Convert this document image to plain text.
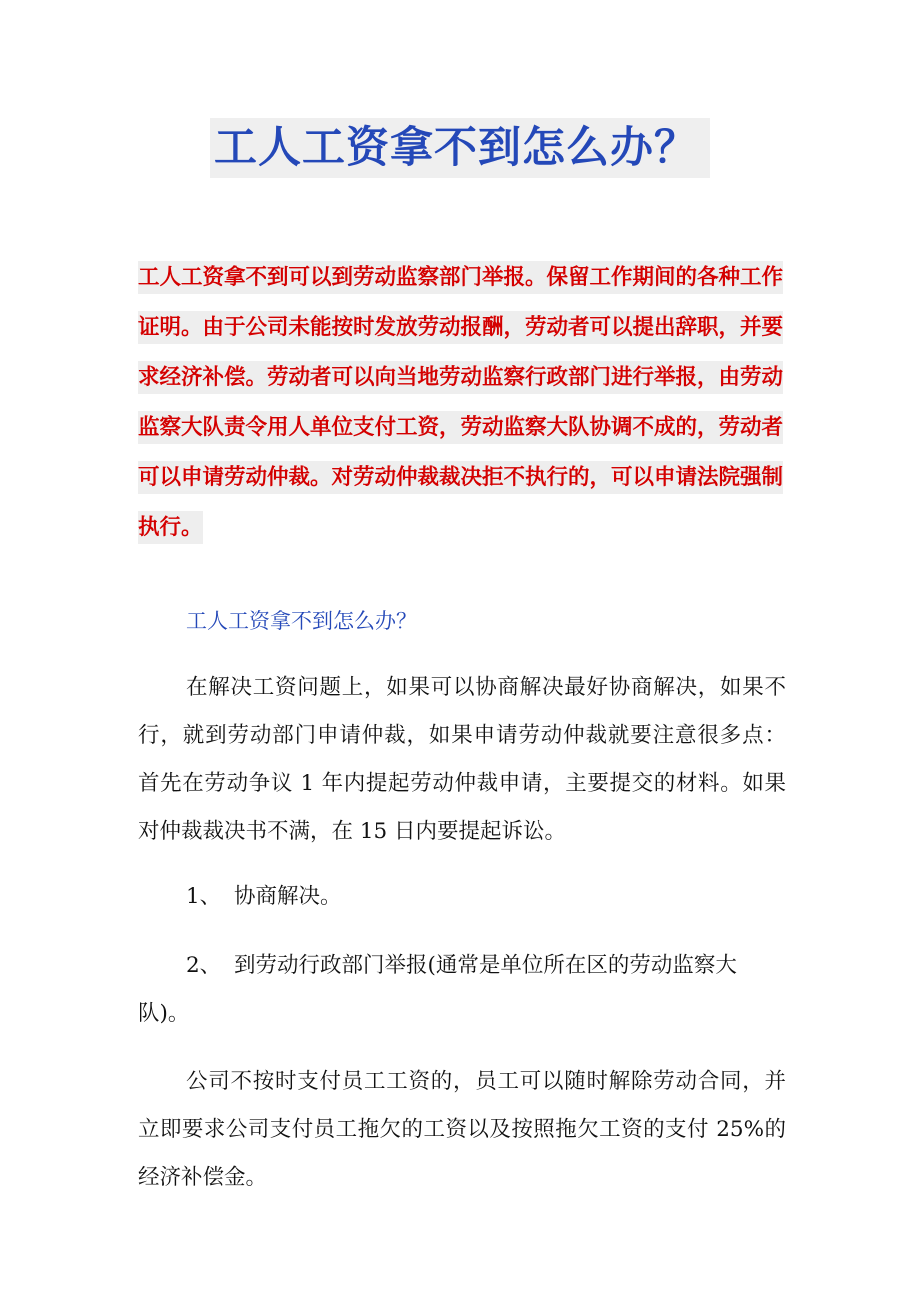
工人工资拿不到怎么办？
工人工资拿不到可以到劳动监察部门举报。保留工作期间的各种工作证明。由于公司未能按时发放劳动报酬，劳动者可以提出辞职，并要求经济补偿。劳动者可以向当地劳动监察行政部门进行举报，由劳动监察大队责令用人单位支付工资，劳动监察大队协调不成的，劳动者可以申请劳动仲裁。对劳动仲裁裁决拒不执行的，可以申请法院强制执行。
工人工资拿不到怎么办？
在解决工资问题上，如果可以协商解决最好协商解决，如果不行，就到劳动部门申请仲裁，如果申请劳动仲裁就要注意很多点： 首先在劳动争议 1 年内提起劳动仲裁申请，主要提交的材料。如果对仲裁裁决书不满，在 15 日内要提起诉讼。
1、 协商解决。
2、 到劳动行政部门举报(通常是单位所在区的劳动监察大队)。
公司不按时支付员工工资的，员工可以随时解除劳动合同，并立即要求公司支付员工拖欠的工资以及按照拖欠工资的支付 25%的经济补偿金。
